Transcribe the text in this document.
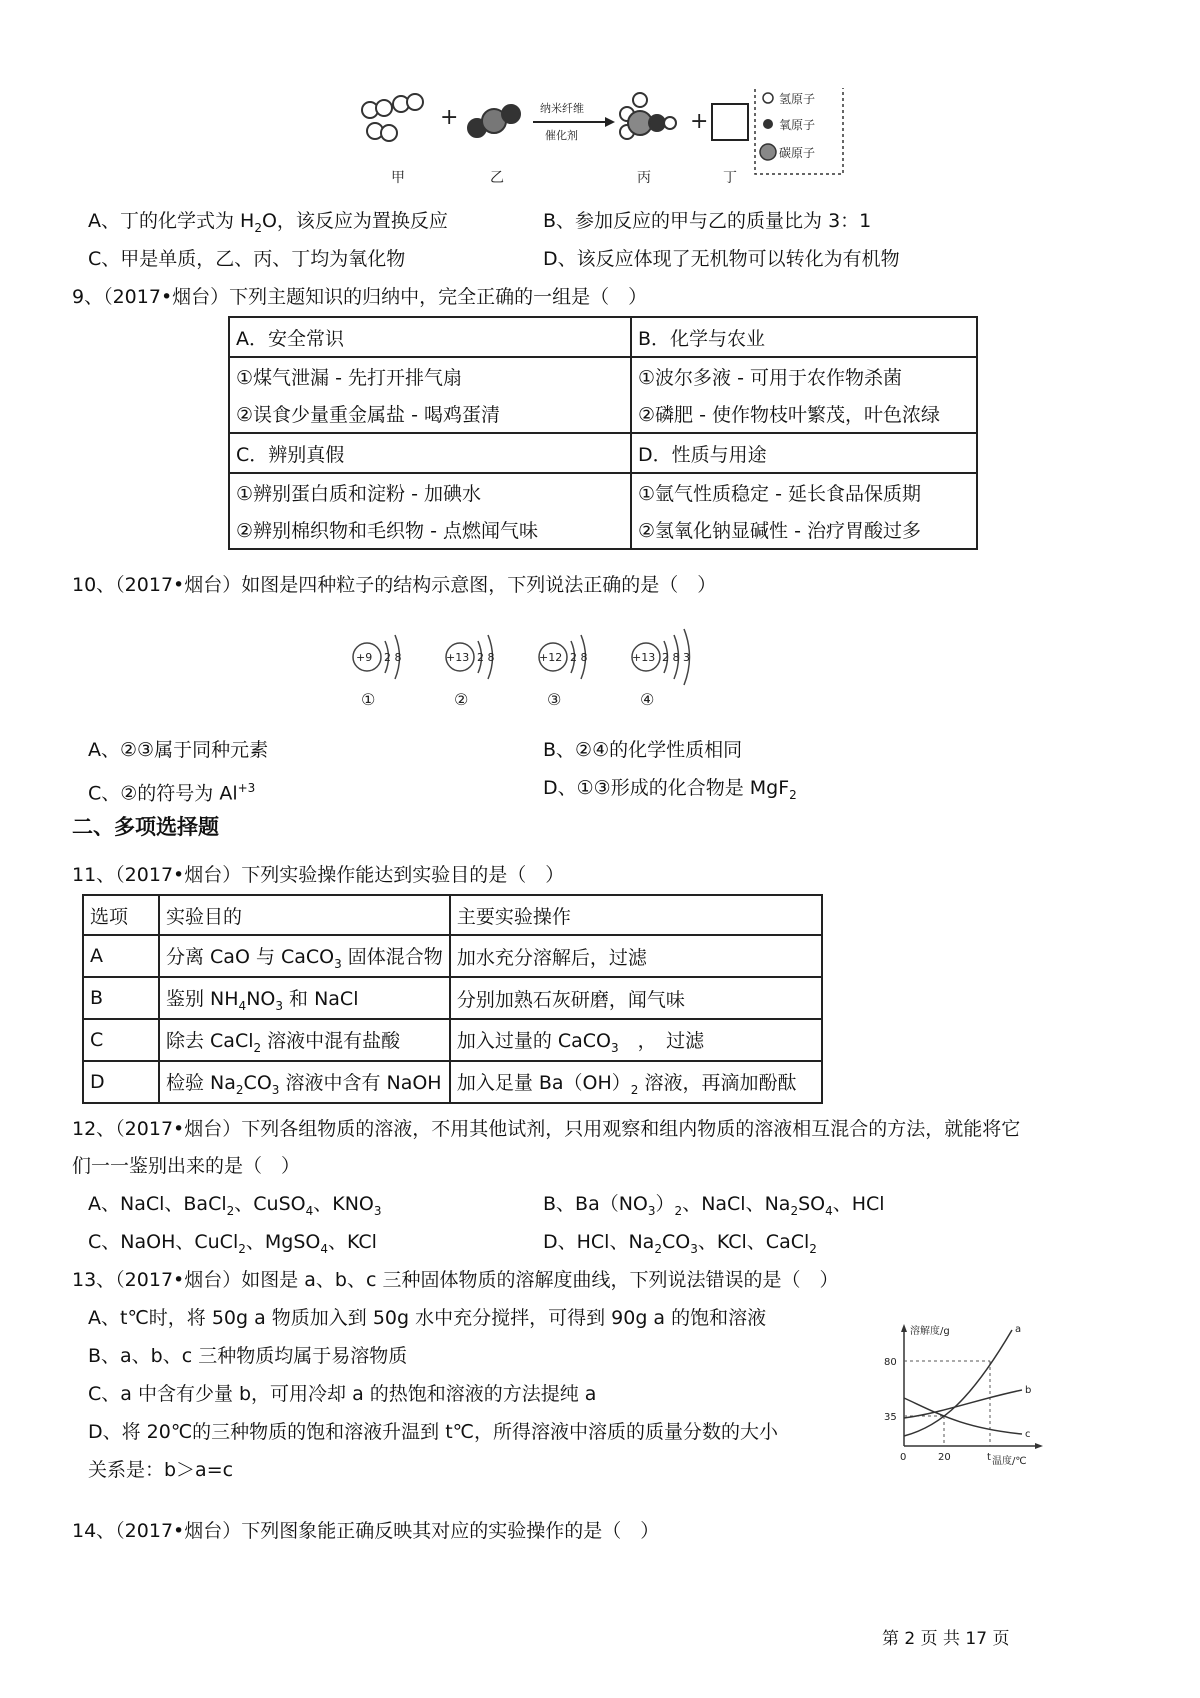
+	纳米纤维
催化剂
+
甲	乙	丙	丁
氢原子
氧原子
碳原子
A、丁的化学式为 $H_2O$，该反应为置换反应	B、参加反应的甲与乙的质量比为 3：1
C、甲是单质，乙、丙、丁均为氧化物	D、该反应体现了无机物可以转化为有机物
9、（2017•烟台）下列主题知识的归纳中，完全正确的一组是（　）
A．安全常识	B．化学与农业
①煤气泄漏 - 先打开排气扇	①波尔多液 - 可用于农作物杀菌
②误食少量重金属盐 - 喝鸡蛋清	②磷肥 - 使作物枝叶繁茂，叶色浓绿
C．辨别真假	D．性质与用途
①辨别蛋白质和淀粉 - 加碘水	①氩气性质稳定 - 延长食品保质期
②辨别棉织物和毛织物 - 点燃闻气味	②氢氧化钠显碱性 - 治疗胃酸过多
10、（2017•烟台）如图是四种粒子的结构示意图，下列说法正确的是（　）
+9 2 8
①
+13 2 8
②
+12 2 8
③
+13 2 8 3
④
A、②③属于同种元素	B、②④的化学性质相同
C、②的符号为 $Al^{+3}$	D、①③形成的化合物是 MgF$_2$
二、多项选择题
11、（2017•烟台）下列实验操作能达到实验目的是（　）
选项	实验目的	主要实验操作
A	分离 CaO 与 CaCO$_3$ 固体混合物	加水充分溶解后，过滤
B	鉴别 $NH_4NO_3$ 和 NaCl	分别加熟石灰研磨，闻气味
C	除去 CaCl$_2$ 溶液中混有盐酸	加入过量的 CaCO$_3$　，　过滤
D	检验 $Na_2CO_3$ 溶液中含有 NaOH	加入足量 $Ba(OH)_2$ 溶液，再滴加酚酞
12、（2017•烟台）下列各组物质的溶液，不用其他试剂，只用观察和组内物质的溶液相互混合的方法，就能将它
们一一鉴别出来的是（　）
A、NaCl、BaCl$_2$、CuSO$_4$、$KNO_3$	B、$Ba(NO_3)_2$、NaCl、$Na_2SO_4$、HCl
C、NaOH、CuCl$_2$、MgSO$_4$、KCl	D、HCl、$Na_2CO_3$、KCl、CaCl$_2$
13、（2017•烟台）如图是 a、b、c 三种固体物质的溶解度曲线，下列说法错误的是（　）
A、t℃时，将 50g a 物质加入到 50g 水中充分搅拌，可得到 90g a 的饱和溶液
B、a、b、c 三种物质均属于易溶物质
C、a 中含有少量 b，可用冷却 a 的热饱和溶液的方法提纯 a
D、将 20℃的三种物质的饱和溶液升温到 t℃，所得溶液中溶质的质量分数的大小
关系是：b＞a=c
溶解度/g
温度/℃
80
35
0	20	t
a
b
c
14、（2017•烟台）下列图象能正确反映其对应的实验操作的是（　）
第 2 页 共 17 页
